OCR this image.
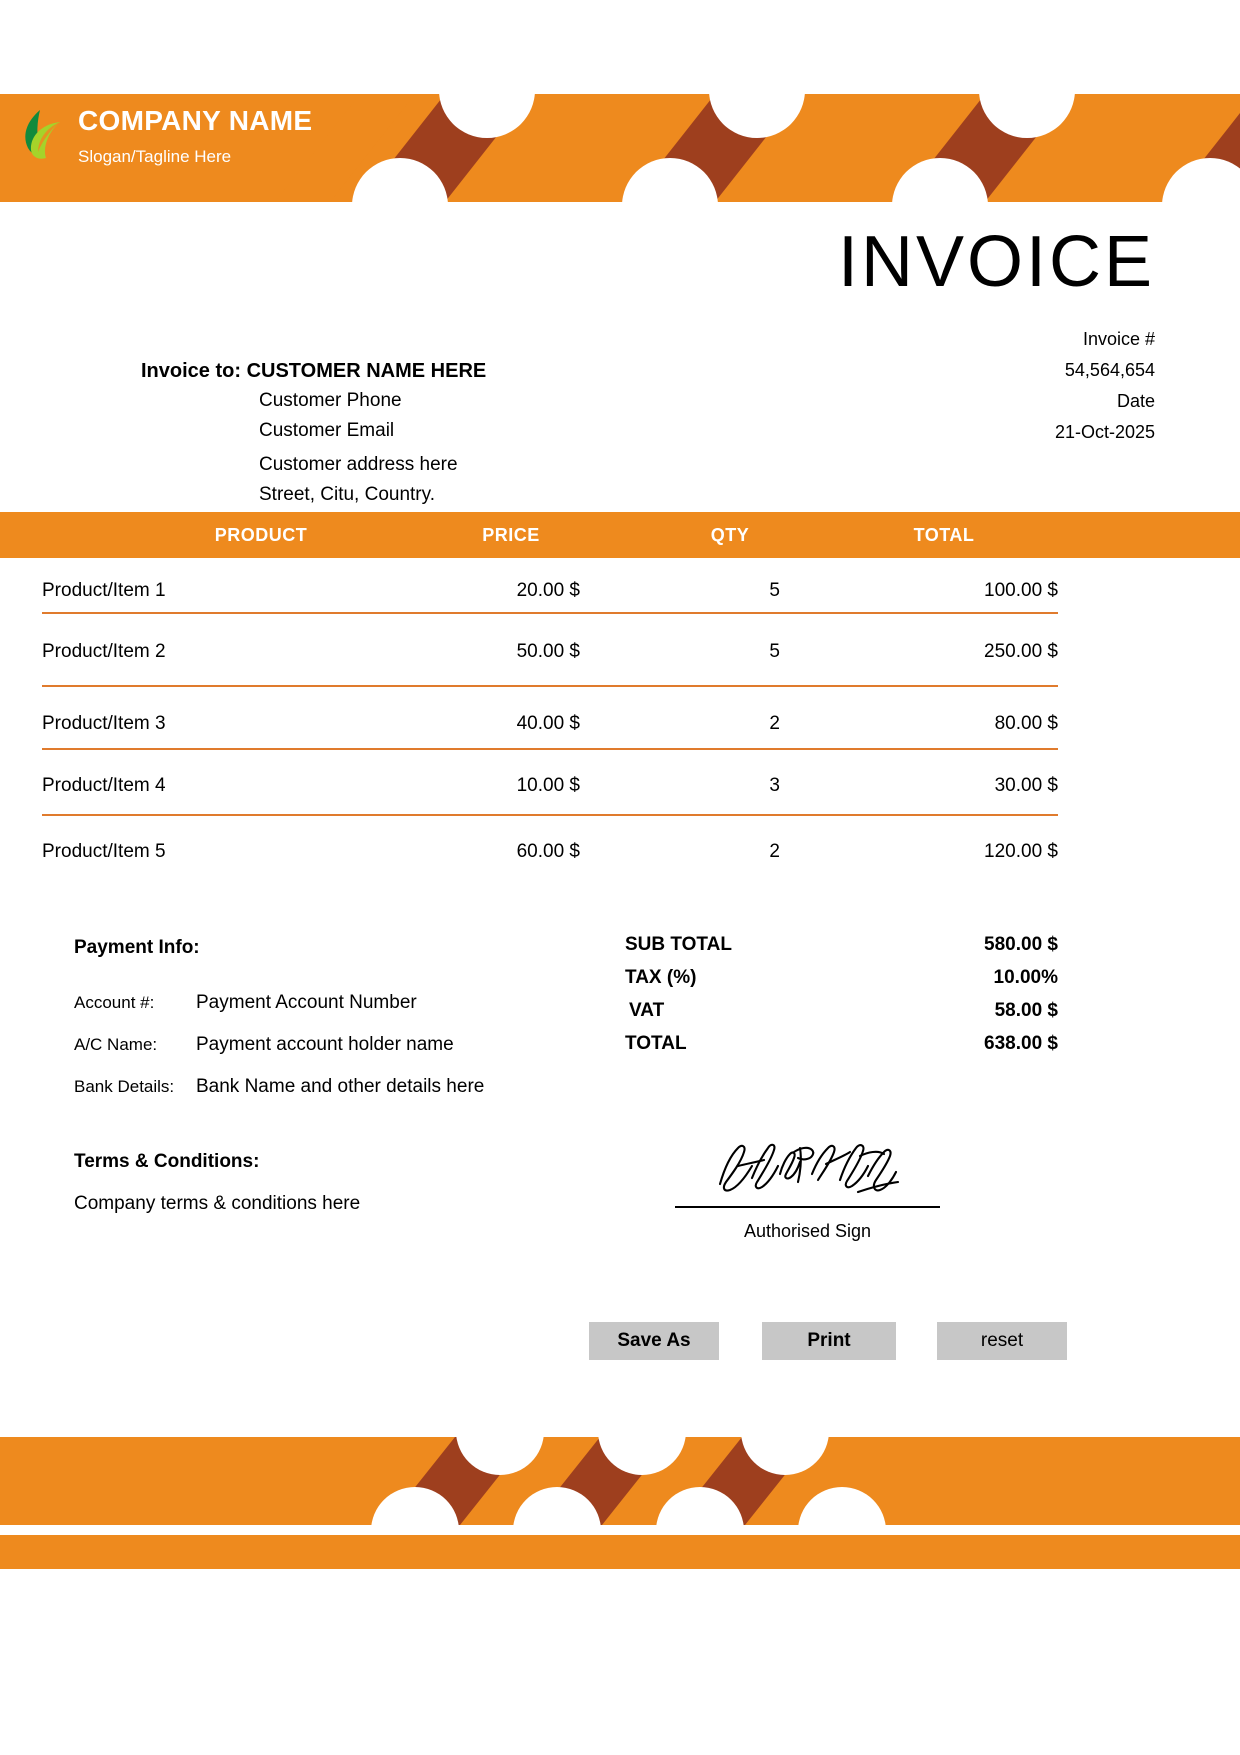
COMPANY NAME
Slogan/Tagline Here
INVOICE
Invoice #
54,564,654
Date
21-Oct-2025
Invoice to: CUSTOMER NAME HERE
Customer Phone
Customer Email
Customer address here
Street, Citu, Country.
PRODUCT	PRICE	QTY	TOTAL
Product/Item 1	20.00 $	5	100.00 $
Product/Item 2	50.00 $	5	250.00 $
Product/Item 3	40.00 $	2	80.00 $
Product/Item 4	10.00 $	3	30.00 $
Product/Item 5	60.00 $	2	120.00 $
Payment Info:
Account #:	Payment Account Number
A/C Name:	Payment account holder name
Bank Details:	Bank Name and other details here
SUB TOTAL	580.00 $
TAX (%)	10.00%
VAT	58.00 $
TOTAL	638.00 $
Terms & Conditions:
Company terms & conditions here
Authorised Sign
Save As	Print	reset
